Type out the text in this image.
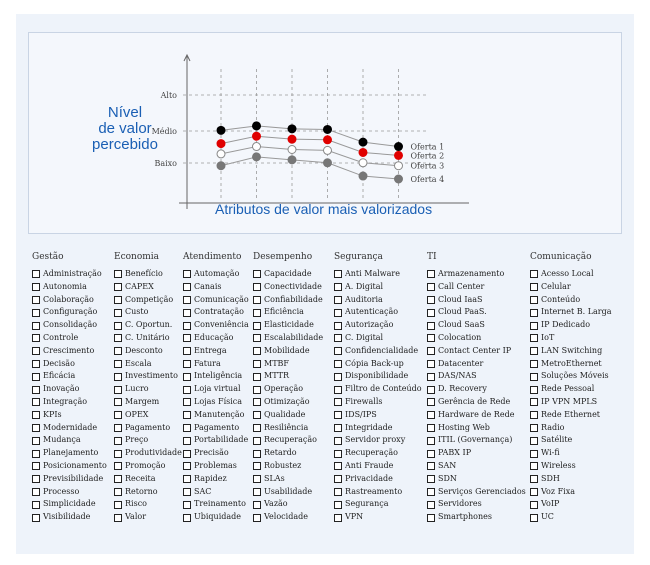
Alto
Médio
Baixo
Oferta 1
Oferta 2
Oferta 3
Oferta 4
Nível
de valor
percebido
Atributos de valor mais valorizados
Gestão
Administração
Autonomia
Colaboração
Configuração
Consolidação
Controle
Crescimento
Decisão
Eficácia
Inovação
Integração
KPIs
Modernidade
Mudança
Planejamento
Posicionamento
Previsibilidade
Processo
Simplicidade
Visibilidade
Economia
Benefício
CAPEX
Competição
Custo
C. Oportun.
C. Unitário
Desconto
Escala
Investimento
Lucro
Margem
OPEX
Pagamento
Preço
Produtividade
Promoção
Receita
Retorno
Risco
Valor
Atendimento
Automação
Canais
Comunicação
Contratação
Conveniência
Educação
Entrega
Fatura
Inteligência
Loja virtual
Lojas Física
Manutenção
Pagamento
Portabilidade
Precisão
Problemas
Rapidez
SAC
Treinamento
Ubiquidade
Desempenho
Capacidade
Conectividade
Confiabilidade
Eficiência
Elasticidade
Escalabilidade
Mobilidade
MTBF
MTTR
Operação
Otimização
Qualidade
Resiliência
Recuperação
Retardo
Robustez
SLAs
Usabilidade
Vazão
Velocidade
Segurança
Anti Malware
A. Digital
Auditoria
Autenticação
Autorização
C. Digital
Confidencialidade
Cópia Back-up
Disponibilidade
Filtro de Conteúdo
Firewalls
IDS/IPS
Integridade
Servidor proxy
Recuperação
Anti Fraude
Privacidade
Rastreamento
Segurança
VPN
TI
Armazenamento
Call Center
Cloud IaaS
Cloud PaaS.
Cloud SaaS
Colocation
Contact Center IP
Datacenter
DAS/NAS
D. Recovery
Gerência de Rede
Hardware de Rede
Hosting Web
ITIL (Governança)
PABX IP
SAN
SDN
Serviços Gerenciados
Servidores
Smartphones
Comunicação
Acesso Local
Celular
Conteúdo
Internet B. Larga
IP Dedicado
IoT
LAN Switching
MetroEthernet
Soluções Móveis
Rede Pessoal
IP VPN MPLS
Rede Ethernet
Radio
Satélite
Wi-fi
Wireless
SDH
Voz Fixa
VoIP
UC
